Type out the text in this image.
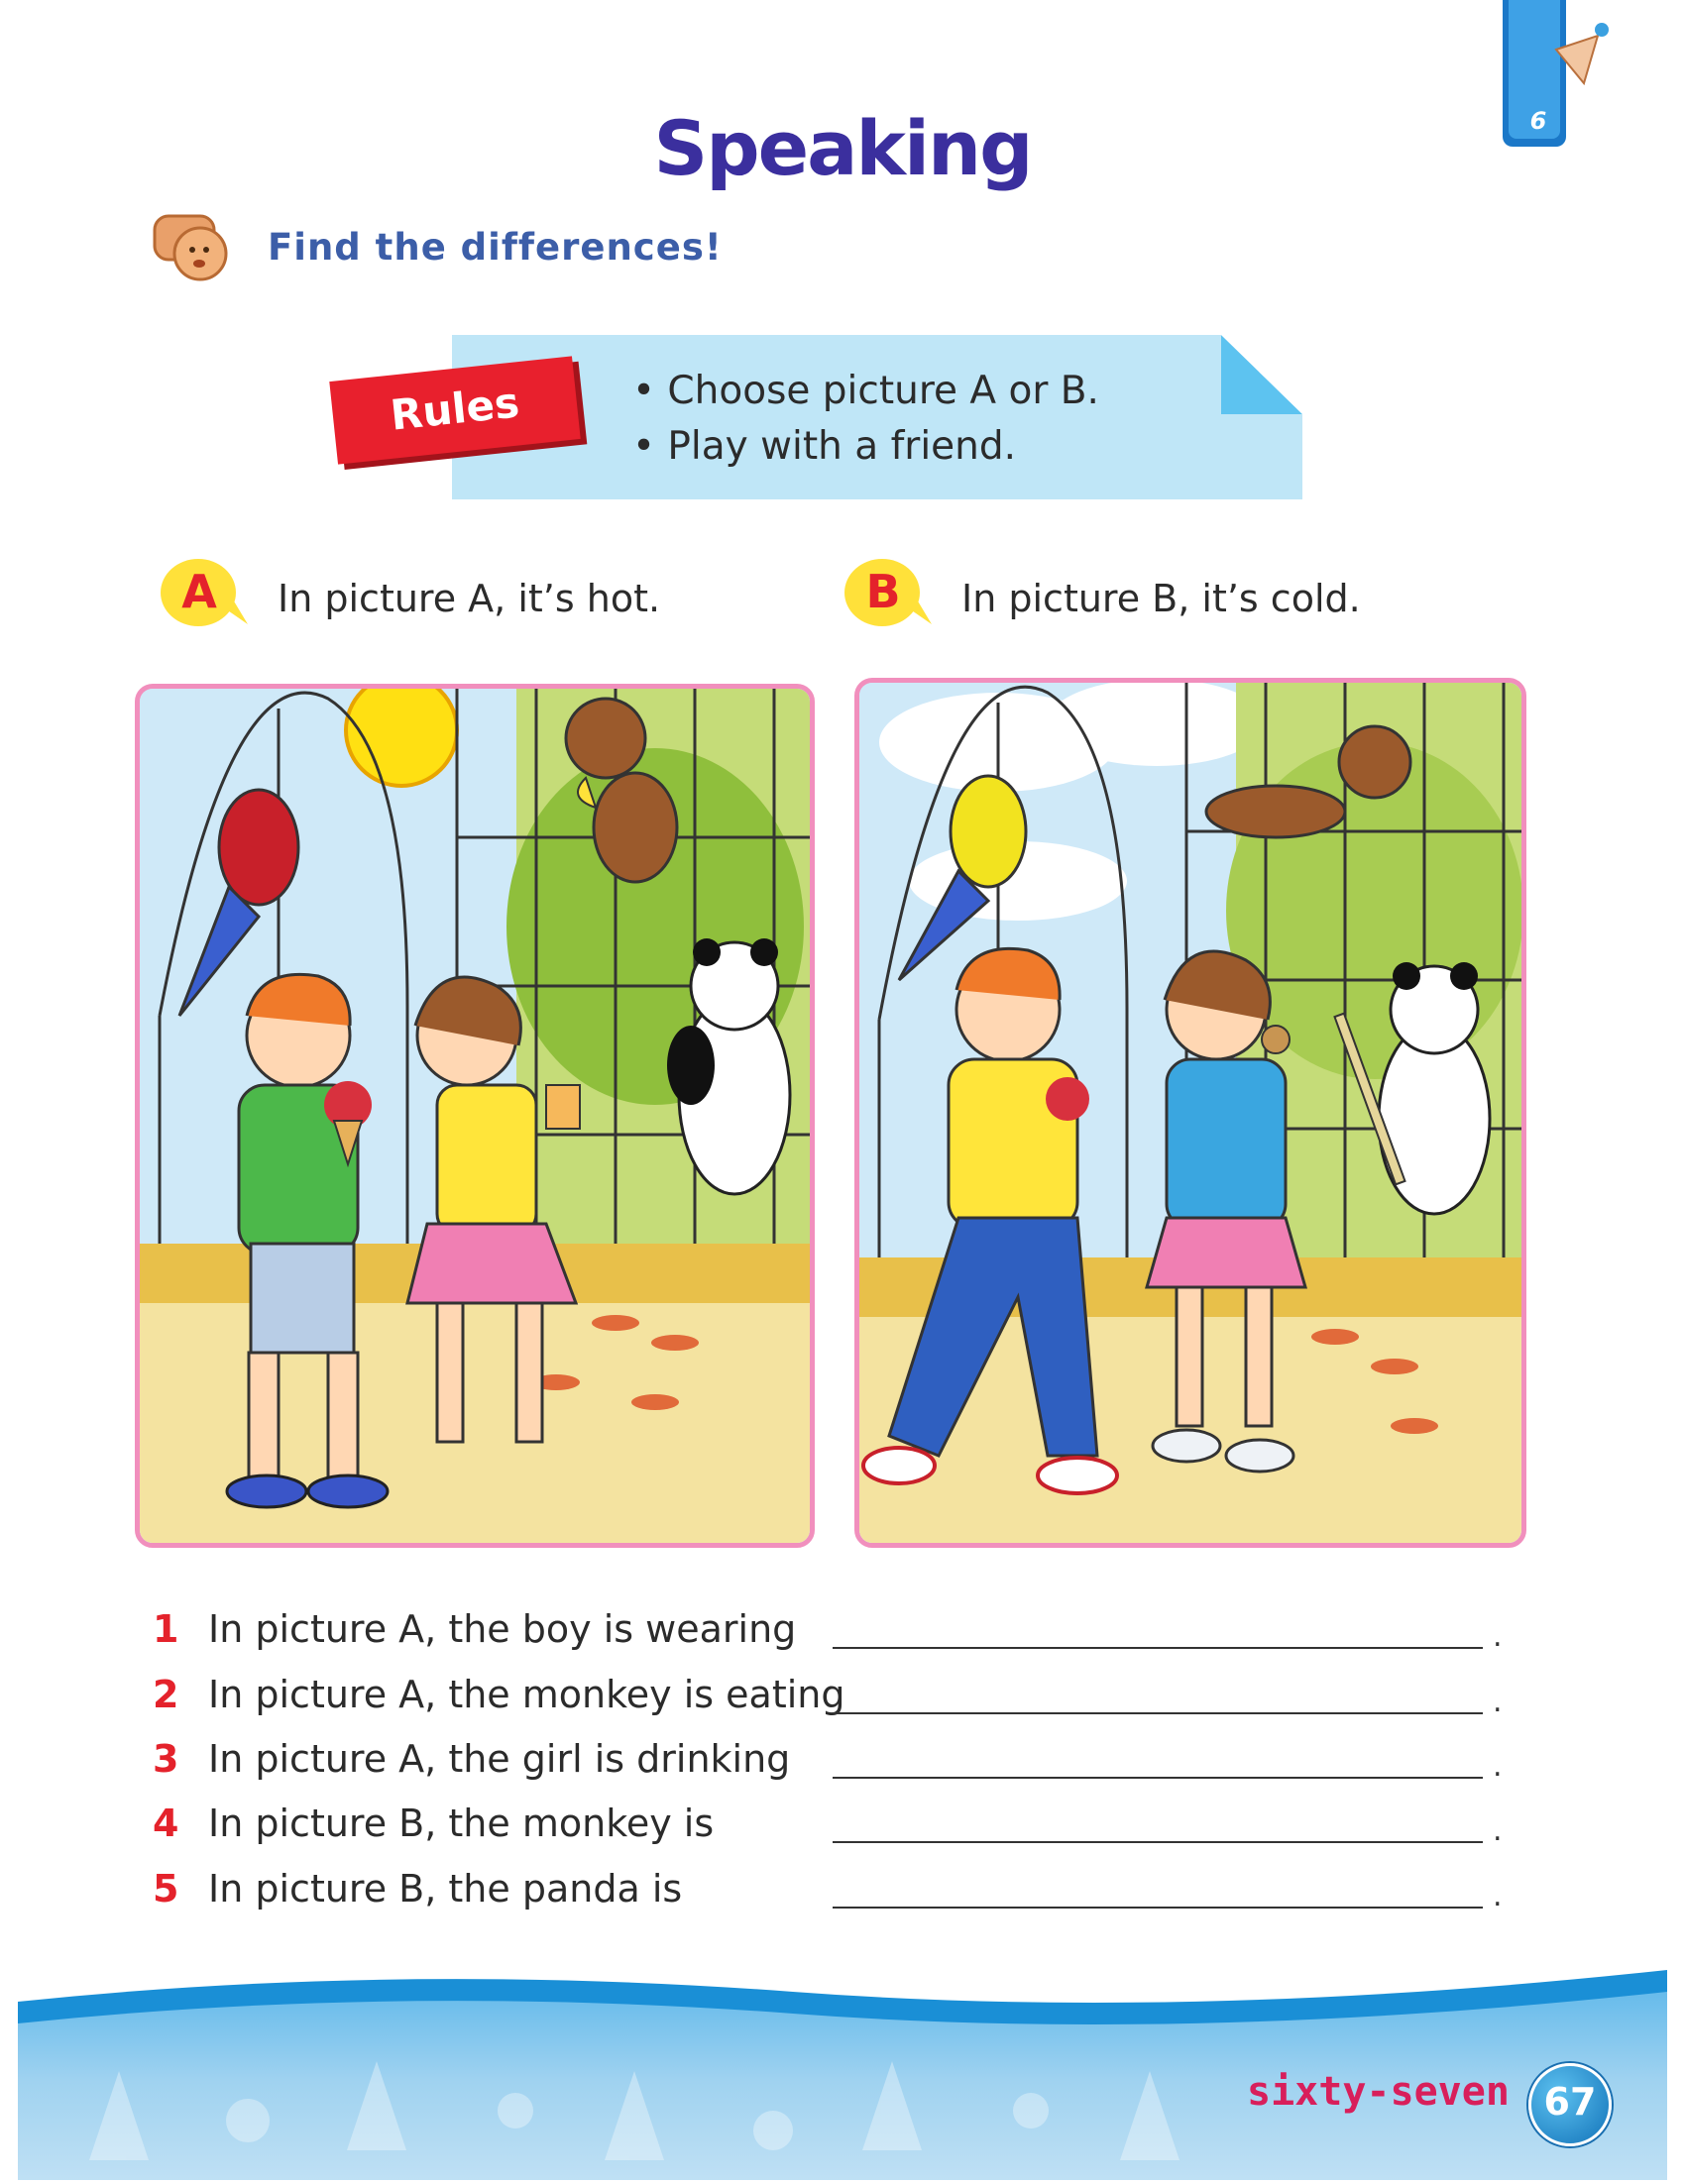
6
Speaking
Find the differences!
Rules	• Choose picture A or B.
• Play with a friend.
A	In picture A, it’s hot.	B	In picture B, it’s cold.
1 In picture A, the boy is wearing	.
2 In picture A, the monkey is eating	.
3 In picture A, the girl is drinking	.
4 In picture B, the monkey is	.
5 In picture B, the panda is	.
sixty-seven 67
